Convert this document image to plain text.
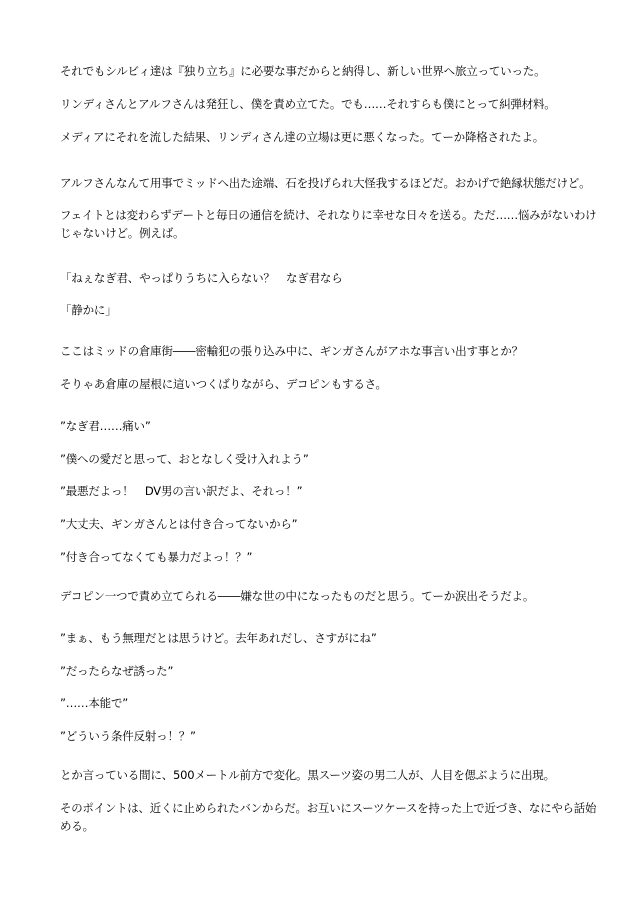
それでもシルビィ達は『独り立ち』に必要な事だからと納得し、新しい世界へ旅立っていった。

リンディさんとアルフさんは発狂し、僕を責め立てた。でも……それすらも僕にとって糾弾材料。

メディアにそれを流した結果、リンディさん達の立場は更に悪くなった。てーか降格されたよ。

アルフさんなんて用事でミッドへ出た途端、石を投げられ大怪我するほどだ。おかげで絶縁状態だけど。

フェイトとは変わらずデートと毎日の通信を続け、それなりに幸せな日々を送る。ただ……悩みがないわけ

じゃないけど。例えば。

「ねぇなぎ君、やっぱりうちに入らない？　なぎ君なら

「静かに」

ここはミッドの倉庫街――密輸犯の張り込み中に、ギンガさんがアホな事言い出す事とか？

そりゃあ倉庫の屋根に這いつくばりながら、デコピンもするさ。

”なぎ君……痛い”

”僕への愛だと思って、おとなしく受け入れよう”

”最悪だよっ！　DV男の言い訳だよ、それっ！”

”大丈夫、ギンガさんとは付き合ってないから”

”付き合ってなくても暴力だよっ！？”

デコピン一つで責め立てられる――嫌な世の中になったものだと思う。てーか涙出そうだよ。

”まぁ、もう無理だとは思うけど。去年あれだし、さすがにね”

”だったらなぜ誘った”

”……本能で”

”どういう条件反射っ！？”

とか言っている間に、500メートル前方で変化。黒スーツ姿の男二人が、人目を偲ぶように出現。

そのポイントは、近くに止められたバンからだ。お互いにスーツケースを持った上で近づき、なにやら話始

める。
